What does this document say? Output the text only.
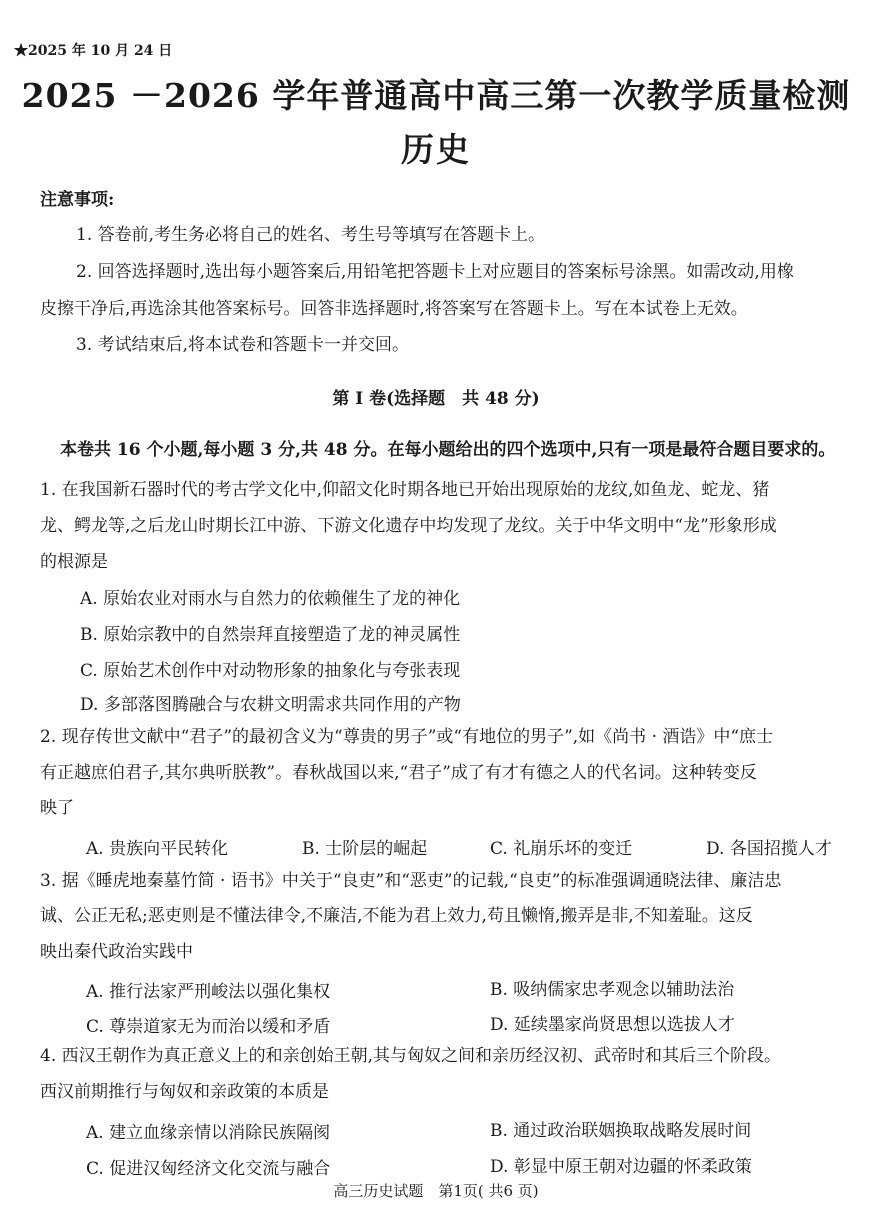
★2025 年 10 月 24 日
2025 －2026 学年普通高中高三第一次教学质量检测
历史
注意事项:
1. 答卷前,考生务必将自己的姓名、考生号等填写在答题卡上。
2. 回答选择题时,选出每小题答案后,用铅笔把答题卡上对应题目的答案标号涂黑。如需改动,用橡
皮擦干净后,再选涂其他答案标号。回答非选择题时,将答案写在答题卡上。写在本试卷上无效。
3. 考试结束后,将本试卷和答题卡一并交回。
第 I 卷(选择题　共 48 分)
本卷共 16 个小题,每小题 3 分,共 48 分。在每小题给出的四个选项中,只有一项是最符合题目要求的。
1. 在我国新石器时代的考古学文化中,仰韶文化时期各地已开始出现原始的龙纹,如鱼龙、蛇龙、猪
龙、鳄龙等,之后龙山时期长江中游、下游文化遗存中均发现了龙纹。关于中华文明中“龙”形象形成
的根源是
A. 原始农业对雨水与自然力的依赖催生了龙的神化
B. 原始宗教中的自然崇拜直接塑造了龙的神灵属性
C. 原始艺术创作中对动物形象的抽象化与夸张表现
D. 多部落图腾融合与农耕文明需求共同作用的产物
2. 现存传世文献中“君子”的最初含义为“尊贵的男子”或“有地位的男子”,如《尚书 · 酒诰》中“庶士
有正越庶伯君子,其尔典听朕教”。春秋战国以来,“君子”成了有才有德之人的代名词。这种转变反
映了
A. 贵族向平民转化	B. 士阶层的崛起	C. 礼崩乐坏的变迁	D. 各国招揽人才
3. 据《睡虎地秦墓竹简 · 语书》中关于“良吏”和“恶吏”的记载,“良吏”的标准强调通晓法律、廉洁忠
诚、公正无私;恶吏则是不懂法律令,不廉洁,不能为君上效力,苟且懒惰,搬弄是非,不知羞耻。这反
映出秦代政治实践中
A. 推行法家严刑峻法以强化集权	B. 吸纳儒家忠孝观念以辅助法治
C. 尊崇道家无为而治以缓和矛盾	D. 延续墨家尚贤思想以选拔人才
4. 西汉王朝作为真正意义上的和亲创始王朝,其与匈奴之间和亲历经汉初、武帝时和其后三个阶段。
西汉前期推行与匈奴和亲政策的本质是
A. 建立血缘亲情以消除民族隔阂	B. 通过政治联姻换取战略发展时间
C. 促进汉匈经济文化交流与融合	D. 彰显中原王朝对边疆的怀柔政策
高三历史试题　第1页( 共6 页)
